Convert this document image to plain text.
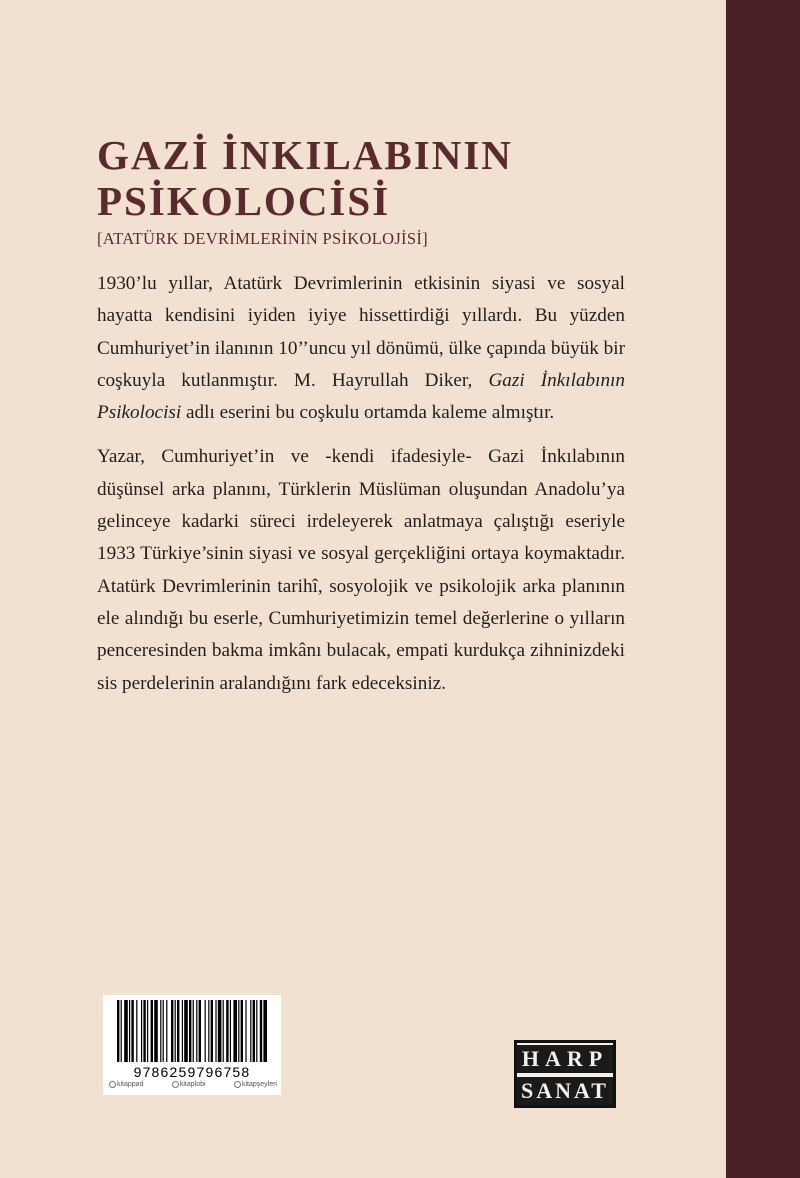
GAZİ İNKILABININ
PSİKOLOCİSİ
[ATATÜRK DEVRİMLERİNİN PSİKOLOJİSİ]

1930’lu yıllar, Atatürk Devrimlerinin etkisinin siyasi ve sosyal hayatta kendisini iyiden iyiye hissettirdiği yıllardı. Bu yüzden Cumhuriyet’in ilanının 10’’uncu yıl dönümü, ülke çapında büyük bir coşkuyla kutlanmıştır. M. Hayrullah Diker, Gazi İnkılabının Psikolocisi adlı eserini bu coşkulu ortamda kaleme almıştır.

Yazar, Cumhuriyet’in ve -kendi ifadesiyle- Gazi İnkılabının düşünsel arka planını, Türklerin Müslüman oluşundan Anadolu’ya gelinceye kadarki süreci irdeleyerek anlatmaya çalıştığı eseriyle 1933 Türkiye’sinin siyasi ve sosyal gerçekliğini ortaya koymaktadır. Atatürk Devrimlerinin tarihî, sosyolojik ve psikolojik arka planının ele alındığı bu eserle, Cumhuriyetimizin temel değerlerine o yılların penceresinden bakma imkânı bulacak, empati kurdukça zihninizdeki sis perdelerinin aralandığını fark edeceksiniz.

9786259796758
kitappad	kitaplobi	kitapşeyleri
HARP
SANAT
